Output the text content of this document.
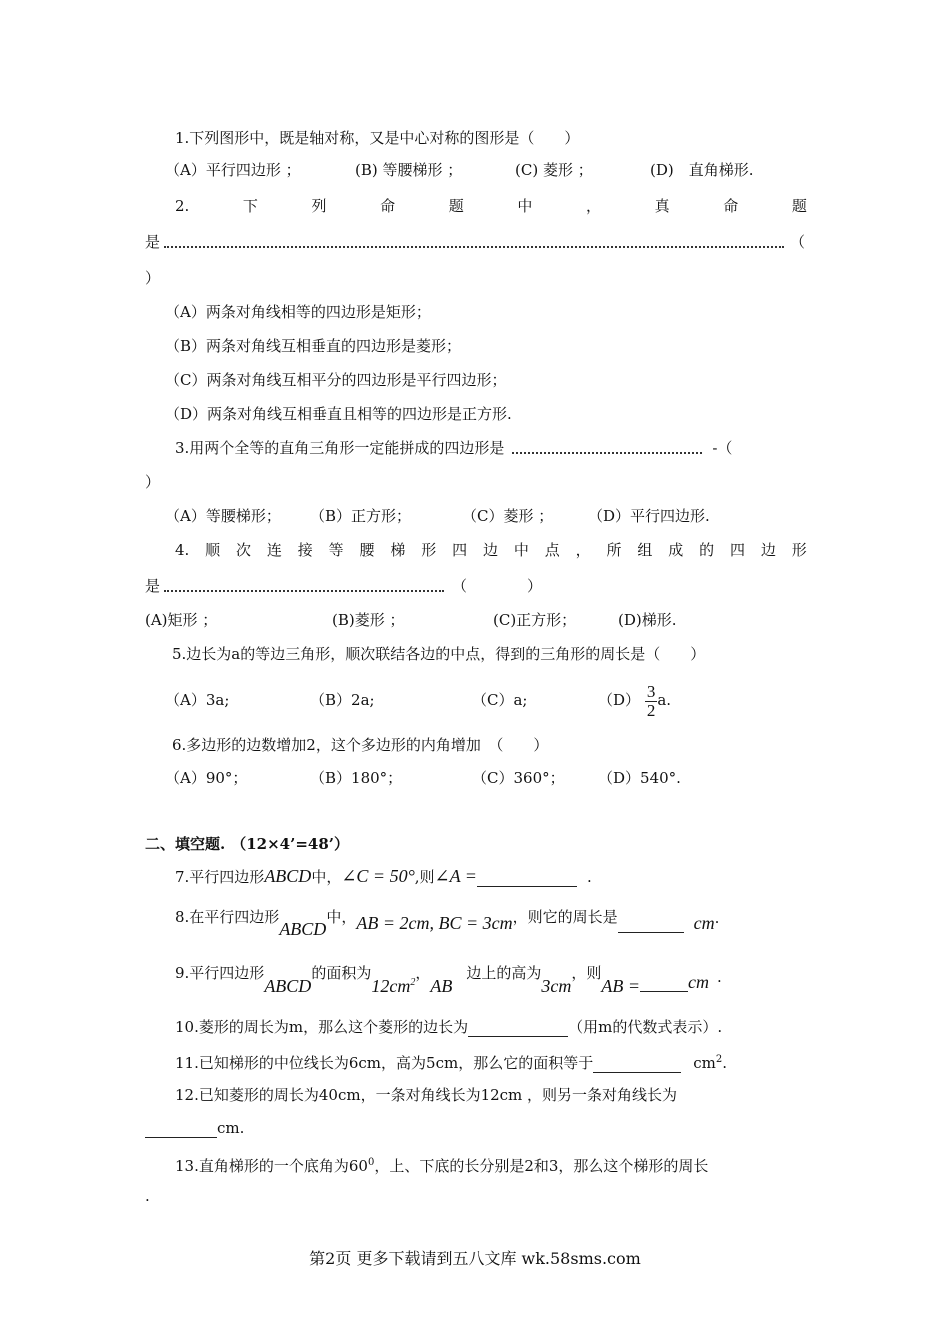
1.下列图形中，既是轴对称，又是中心对称的图形是（　　）
（A）平行四边形 ；	(B) 等腰梯形 ；	(C) 菱形 ；	(D)　直角梯形.
2.	下	列	命	题	中	，	真	命	题
是	（
）
（A）两条对角线相等的四边形是矩形；
（B）两条对角线互相垂直的四边形是菱形；
（C）两条对角线互相平分的四边形是平行四边形；
（D）两条对角线互相垂直且相等的四边形是正方形.
3.用两个全等的直角三角形一定能拼成的四边形是	-（
）
（A）等腰梯形； （B）正方形；	（C）菱形 ； （D）平行四边形.
4. 顺 次 连 接 等 腰 梯 形 四 边 中 点 ， 所 组 成 的 四 边 形
是	（　　　　）
(A)矩形 ；	(B)菱形 ；	(C)正方形；	(D)梯形.
5.边长为a的等边三角形，顺次联结各边的中点，得到的三角形的周长是（　　）
（A）3a;	（B）2a;	（C）a;	$(D) \frac{3}{2} a$.
6.多边形的边数增加2，这个多边形的内角增加　（　　）
（A）90°；	（B）180°；	（C）360°； （D）540°.
二、填空题. （12×4’=48’）
7.平行四边形ABCD中，∠C = 50°,则∠A =	.
8.在平行四边形ABCD中，AB = 2cm, BC = 3cm，则它的周长是	cm.
9.平行四边形ABCD的面积为$12cm^2$，AB边上的高为3cm，则AB =	cm .
10.菱形的周长为m，那么这个菱形的边长为	（用m的代数式表示）.
11.已知梯形的中位线长为6cm，高为5cm，那么它的面积等于	$cm^2$.
12.已知菱形的周长为40cm，一条对角线长为12cm ，则另一条对角线长为
cm.
13.直角梯形的一个底角为$60^0$，上、下底的长分别是2和3，那么这个梯形的周长
.
第2页 更多下载请到五八文库 wk.58sms.com
